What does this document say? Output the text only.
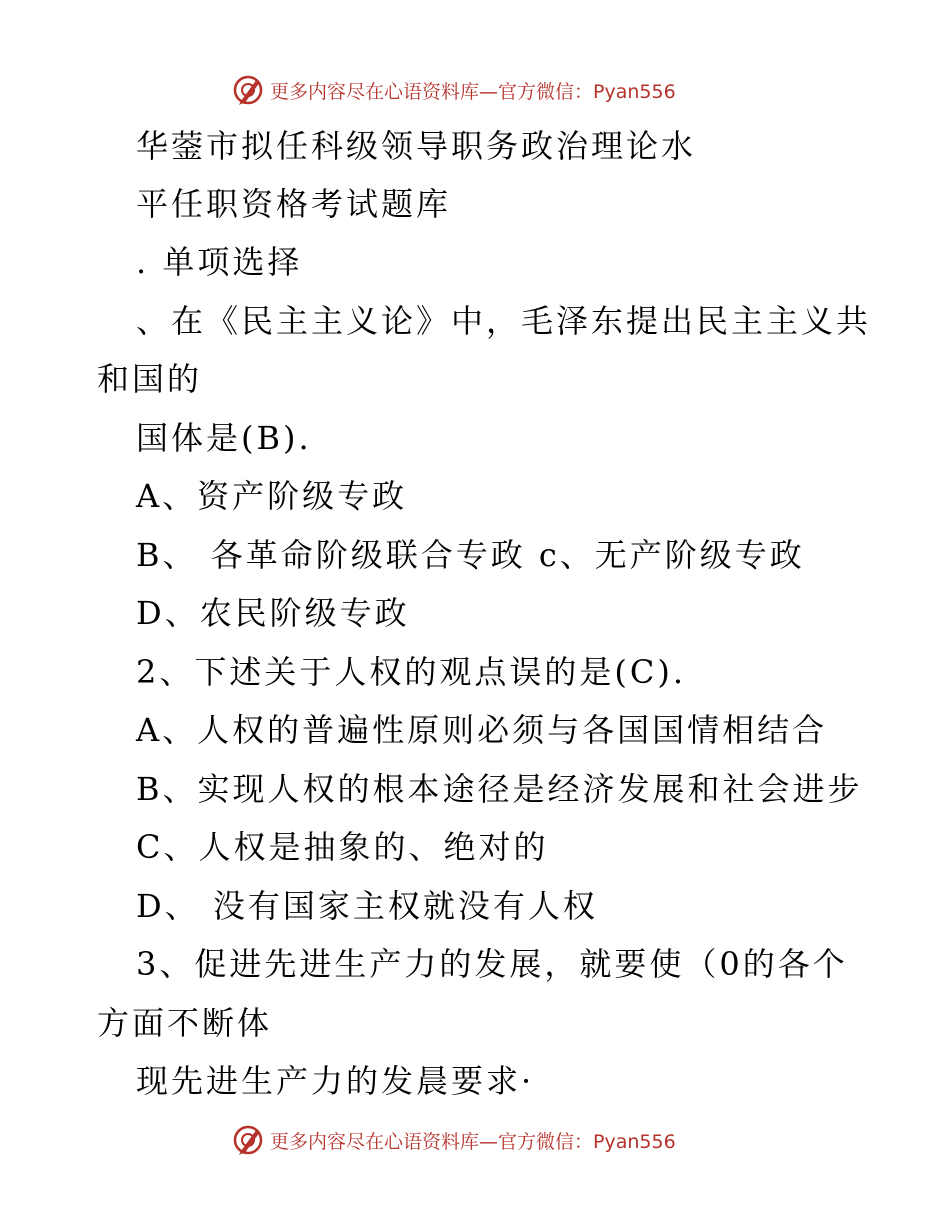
更多内容尽在心语资料库—官方微信：Pyan556
华蓥市拟任科级领导职务政治理论水
平任职资格考试题库
. 单项选择
、在《民主主义论》中，毛泽东提出民主主义共
和国的
国体是(B).
A、资产阶级专政
B、 各革命阶级联合专政 c、无产阶级专政
D、农民阶级专政
2、下述关于人权的观点误的是(C).
A、人权的普遍性原则必须与各国国情相结合
B、实现人权的根本途径是经济发展和社会进步
C、人权是抽象的、绝对的
D、 没有国家主权就没有人权
3、促进先进生产力的发展，就要使（0的各个
方面不断体
现先进生产力的发晨要求·
更多内容尽在心语资料库—官方微信：Pyan556
